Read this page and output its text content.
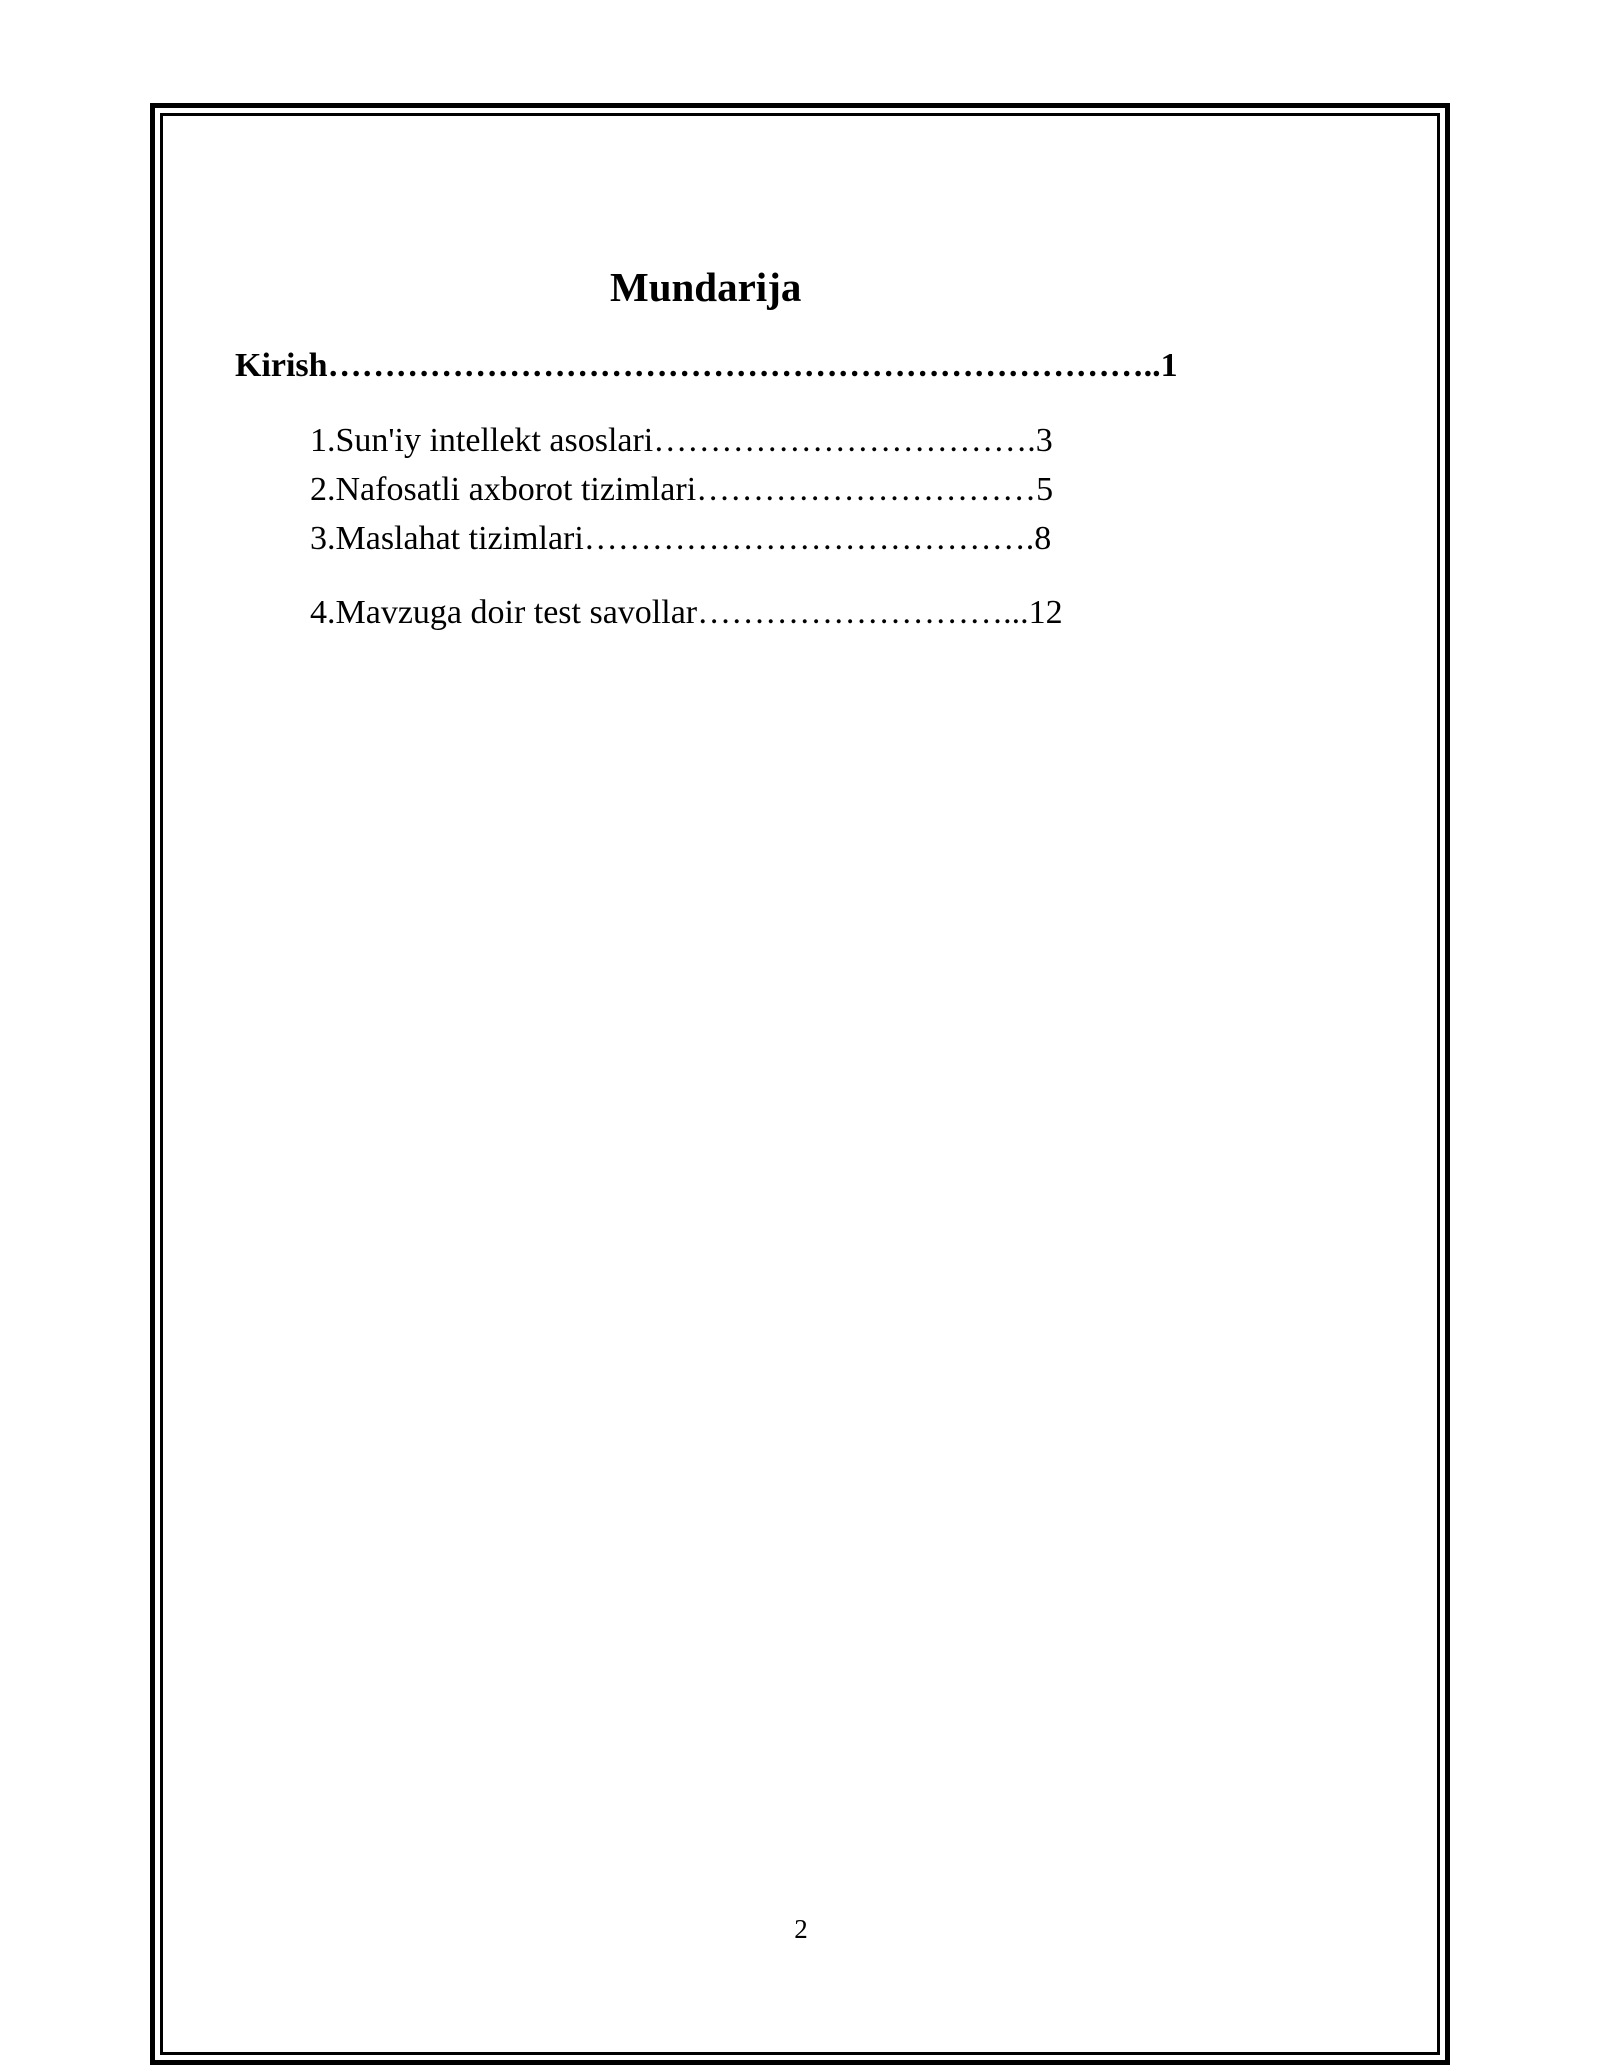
Mundarija
Kirish………………………………………………………………..1
1.Sun'iy intellekt asoslari…………………………….3
2.Nafosatli axborot tizimlari…………………………5
3.Maslahat tizimlari………………………………….8
4.Mavzuga doir test savollar………………………...12
2
